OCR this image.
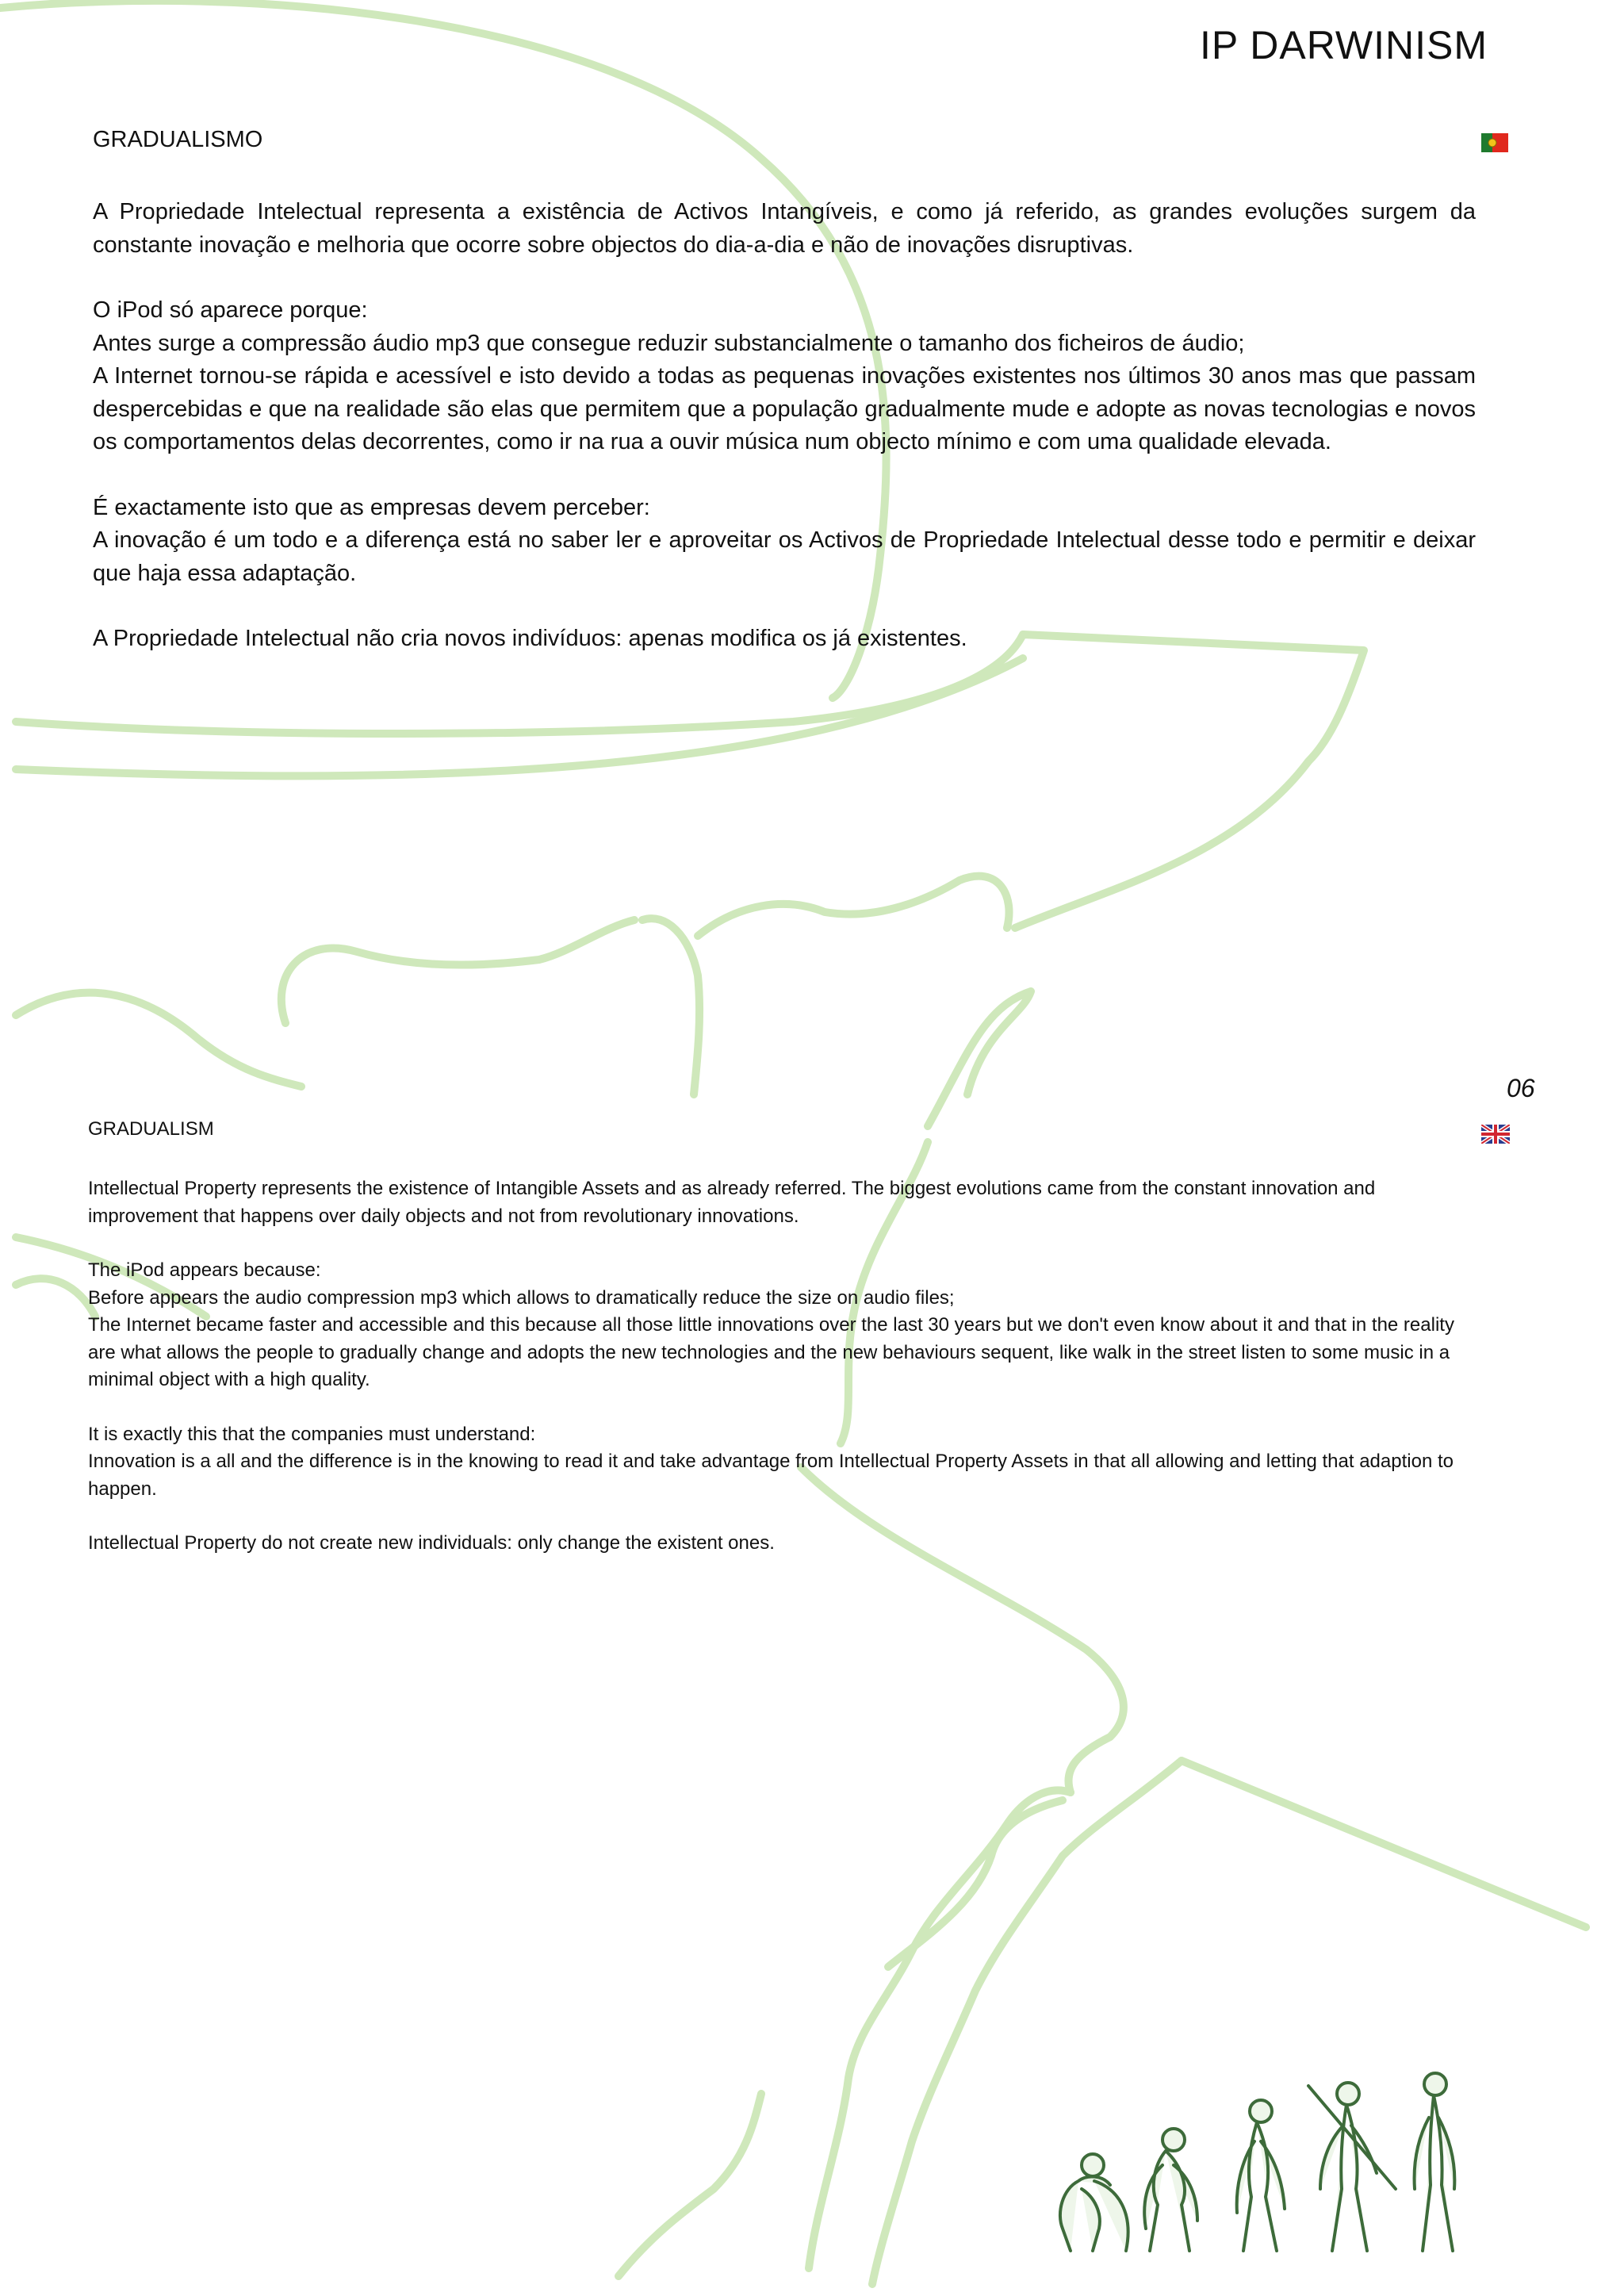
IP DARWINISM
GRADUALISMO

A Propriedade Intelectual representa a existência de Activos Intangíveis, e como já referido, as grandes evoluções surgem da constante inovação e melhoria que ocorre sobre objectos do dia-a-dia e não de inovações disruptivas.

O iPod só aparece porque:

Antes surge a compressão áudio mp3 que consegue reduzir substancialmente o tamanho dos ficheiros de áudio;

A Internet tornou-se rápida e acessível e isto devido a todas as pequenas inovações existentes nos últimos 30 anos mas que passam despercebidas e que na realidade são elas que permitem que a população gradualmente mude e adopte as novas tecnologias e novos os comportamentos delas decorrentes, como ir na rua a ouvir música num objecto mínimo e com uma qualidade elevada.

É exactamente isto que as empresas devem perceber:

A inovação é um todo e a diferença está no saber ler e aproveitar os Activos de Propriedade Intelectual desse todo e permitir e deixar que haja essa adaptação.

A Propriedade Intelectual não cria novos indivíduos: apenas modifica os já existentes.

06
GRADUALISM

Intellectual Property represents the existence of Intangible Assets and as already referred. The biggest evolutions came from the constant innovation and improvement that happens over daily objects and not from revolutionary innovations.

The iPod appears because:

Before appears the audio compression mp3 which allows to dramatically reduce the size on audio files;

The Internet became faster and accessible and this because all those little innovations over the last 30 years but we don't even know about it and that in the reality are what allows the people to gradually change and adopts the new technologies and the new behaviours sequent, like walk in the street listen to some music in a minimal object with a high quality.

It is exactly this that the companies must understand:

Innovation is a all and the difference is in the knowing to read it and take advantage from Intellectual Property Assets in that all allowing and letting that adaption to happen.

Intellectual Property do not create new individuals: only change the existent ones.
